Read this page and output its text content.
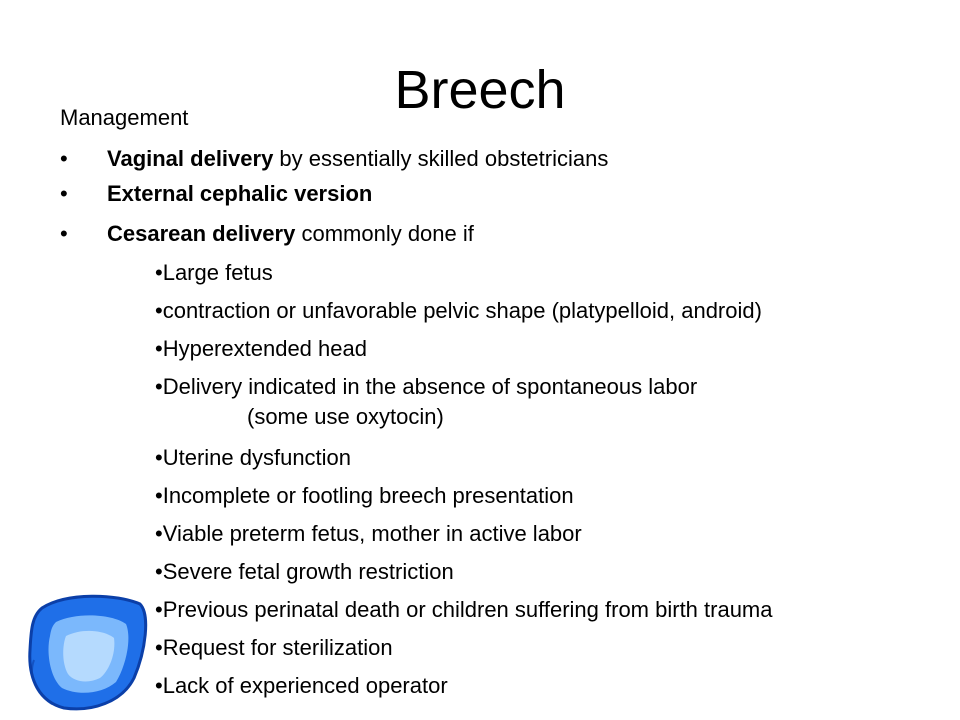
Breech
Management
• Vaginal delivery by essentially skilled obstetricians
• External cephalic version
• Cesarean delivery commonly done if
•Large fetus
•contraction or unfavorable pelvic shape (platypelloid, android)
•Hyperextended head
•Delivery indicated in the absence of spontaneous labor
(some use oxytocin)
•Uterine dysfunction
•Incomplete or footling breech presentation
•Viable preterm fetus, mother in active labor
•Severe fetal growth restriction
•Previous perinatal death or children suffering from birth trauma
•Request for sterilization
•Lack of experienced operator
